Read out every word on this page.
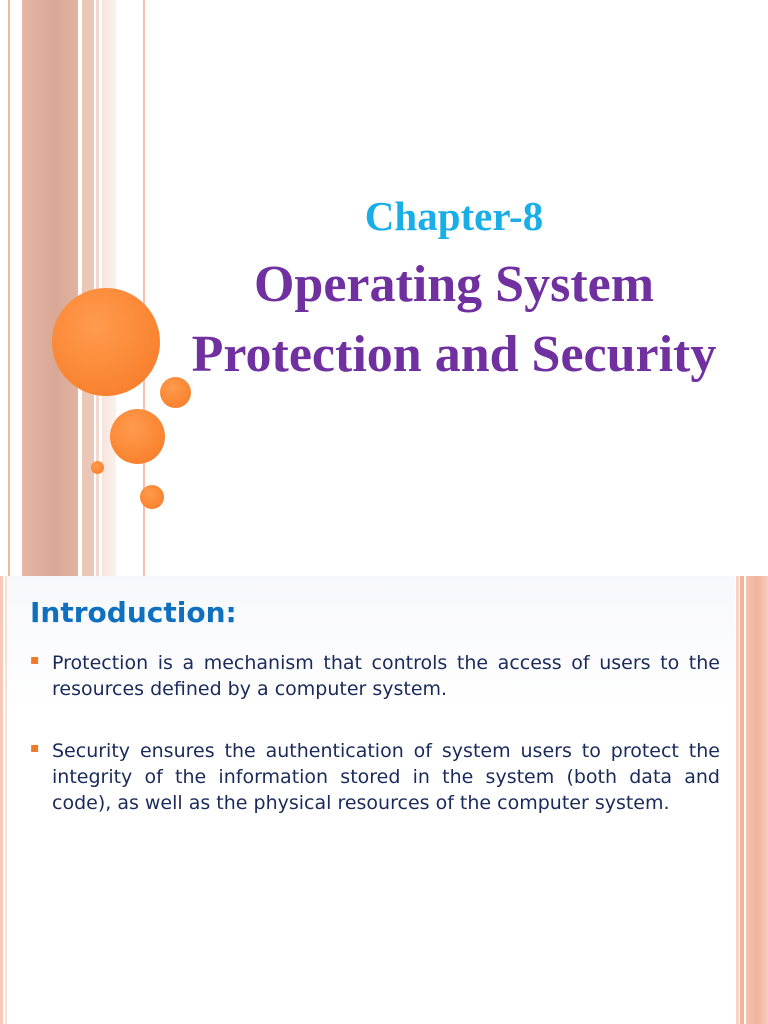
Chapter-8
Operating System
Protection and Security
Introduction:
▪ Protection is a mechanism that controls the access of users to the resources defined by a computer system.
▪ Security ensures the authentication of system users to protect the integrity of the information stored in the system (both data and code), as well as the physical resources of the computer system.
